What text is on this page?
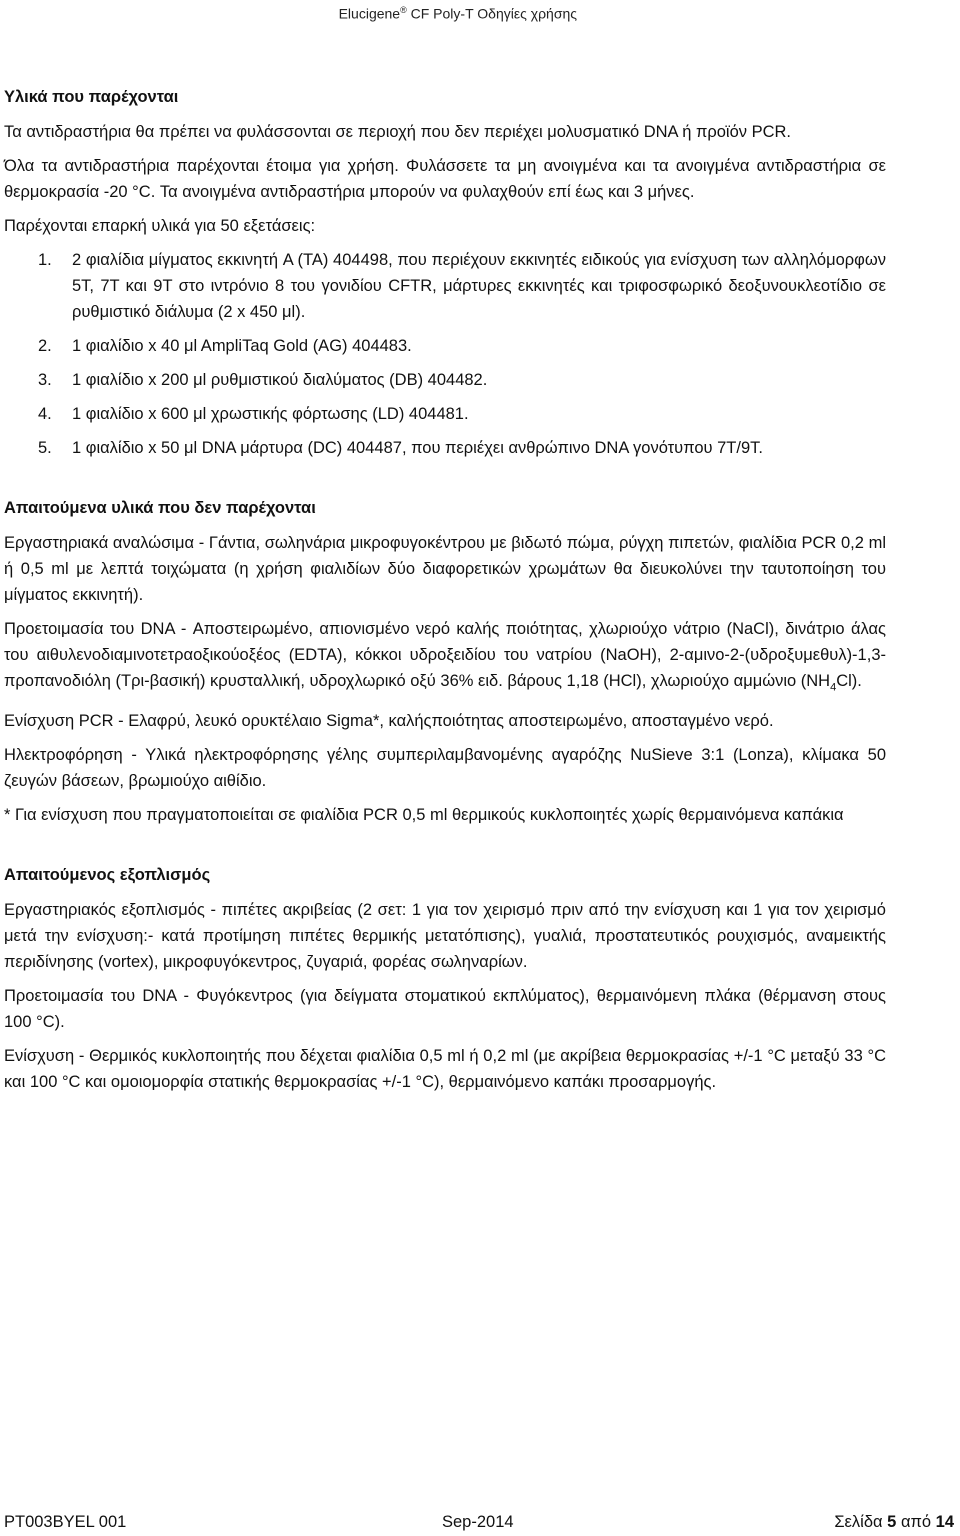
Elucigene® CF Poly-T Οδηγίες χρήσης

Υλικά που παρέχονται

Τα αντιδραστήρια θα πρέπει να φυλάσσονται σε περιοχή που δεν περιέχει μολυσματικό DNA ή προϊόν PCR.

Όλα τα αντιδραστήρια παρέχονται έτοιμα για χρήση. Φυλάσσετε τα μη ανοιγμένα και τα ανοιγμένα αντιδραστήρια σε θερμοκρασία -20 °C. Τα ανοιγμένα αντιδραστήρια μπορούν να φυλαχθούν επί έως και 3 μήνες.

Παρέχονται επαρκή υλικά για 50 εξετάσεις:

1. 2 φιαλίδια μίγματος εκκινητή A (TA) 404498, που περιέχουν εκκινητές ειδικούς για ενίσχυση των αλληλόμορφων 5T, 7T και 9T στο ιντρόνιο 8 του γονιδίου CFTR, μάρτυρες εκκινητές και τριφοσφωρικό δεοξυνουκλεοτίδιο σε ρυθμιστικό διάλυμα (2 x 450 μl).

2. 1 φιαλίδιο x 40 μl AmpliTaq Gold (AG) 404483.

3. 1 φιαλίδιο x 200 μl ρυθμιστικού διαλύματος (DB) 404482.

4. 1 φιαλίδιο x 600 μl χρωστικής φόρτωσης (LD) 404481.

5. 1 φιαλίδιο x 50 μl DNA μάρτυρα (DC) 404487, που περιέχει ανθρώπινο DNA γονότυπου 7T/9T.

Απαιτούμενα υλικά που δεν παρέχονται

Εργαστηριακά αναλώσιμα - Γάντια, σωληνάρια μικροφυγοκέντρου με βιδωτό πώμα, ρύγχη πιπετών, φιαλίδια PCR 0,2 ml ή 0,5 ml με λεπτά τοιχώματα (η χρήση φιαλιδίων δύο διαφορετικών χρωμάτων θα διευκολύνει την ταυτοποίηση του μίγματος εκκινητή).

Προετοιμασία του DNA - Αποστειρωμένο, απιονισμένο νερό καλής ποιότητας, χλωριούχο νάτριο (NaCl), δινάτριο άλας του αιθυλενοδιαμινοτετραοξικούοξέος (EDTA), κόκκοι υδροξειδίου του νατρίου (NaOH), 2-αμινο-2-(υδροξυμεθυλ)-1,3-προπανοδιόλη (Τρι-βασική) κρυσταλλική, υδροχλωρικό οξύ 36% ειδ. βάρους 1,18 (HCl), χλωριούχο αμμώνιο $(NH_4Cl)$.

Ενίσχυση PCR - Ελαφρύ, λευκό ορυκτέλαιο Sigma*, καλήςποιότητας αποστειρωμένο, αποσταγμένο νερό.

Ηλεκτροφόρηση - Υλικά ηλεκτροφόρησης γέλης συμπεριλαμβανομένης αγαρόζης NuSieve 3:1 (Lonza), κλίμακα 50 ζευγών βάσεων, βρωμιούχο αιθίδιο.

* Για ενίσχυση που πραγματοποιείται σε φιαλίδια PCR 0,5 ml θερμικούς κυκλοποιητές χωρίς θερμαινόμενα καπάκια

Απαιτούμενος εξοπλισμός

Εργαστηριακός εξοπλισμός - πιπέτες ακριβείας (2 σετ: 1 για τον χειρισμό πριν από την ενίσχυση και 1 για τον χειρισμό μετά την ενίσχυση:- κατά προτίμηση πιπέτες θερμικής μετατόπισης), γυαλιά, προστατευτικός ρουχισμός, αναμεικτής περιδίνησης (vortex), μικροφυγόκεντρος, ζυγαριά, φορέας σωληναρίων.

Προετοιμασία του DNA - Φυγόκεντρος (για δείγματα στοματικού εκπλύματος), θερμαινόμενη πλάκα (θέρμανση στους 100 °C).

Ενίσχυση - Θερμικός κυκλοποιητής που δέχεται φιαλίδια 0,5 ml ή 0,2 ml (με ακρίβεια θερμοκρασίας +/-1 °C μεταξύ 33 °C και 100 °C και ομοιομορφία στατικής θερμοκρασίας +/-1 °C), θερμαινόμενο καπάκι προσαρμογής.

PT003BYEL 001	Sep-2014	Σελίδα 5 από 14
